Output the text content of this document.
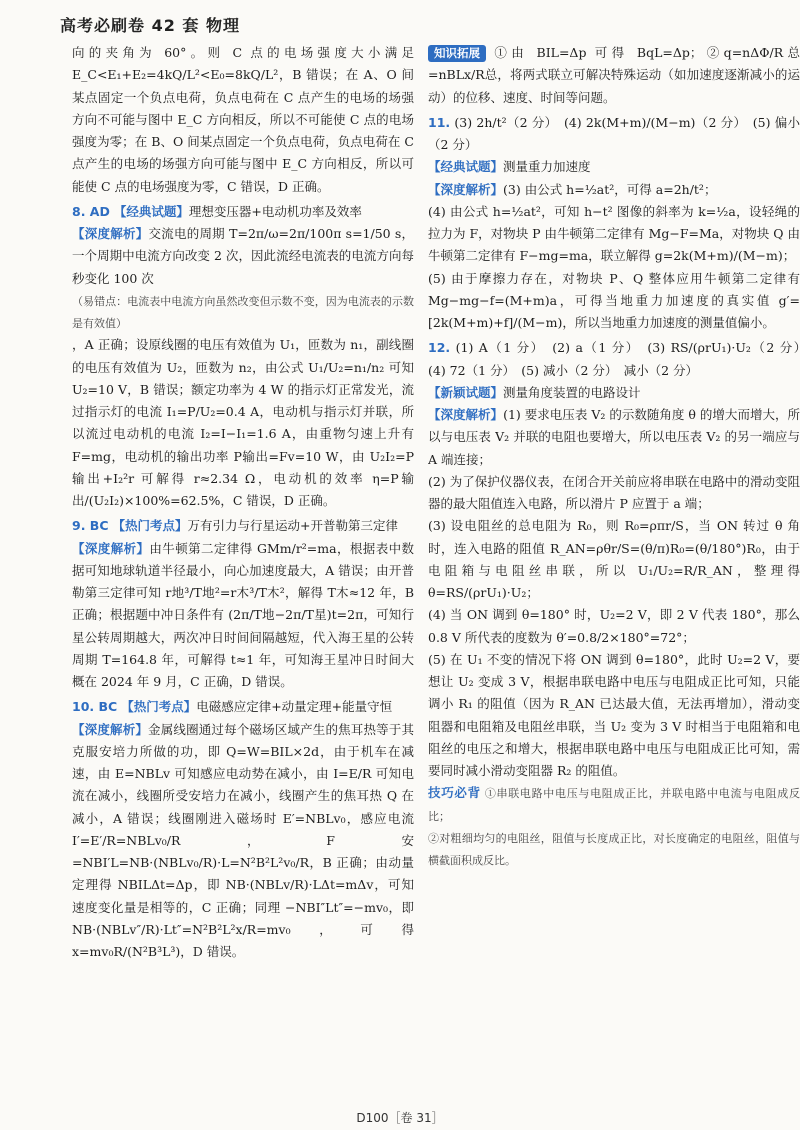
高考必刷卷 42 套 物理

向的夹角为 60°。则 C 点的电场强度大小满足 E_C<E₁+E₂=4kQ/L²<E₀=8kQ/L²，B 错误；在 A、O 间某点固定一个负点电荷，负点电荷在 C 点产生的电场的场强方向不可能与图中 E_C 方向相反，所以不可能使 C 点的电场强度为零；在 B、O 间某点固定一个负点电荷，负点电荷在 C 点产生的电场的场强方向可能与图中 E_C 方向相反，所以可能使 C 点的电场强度为零，C 错误，D 正确。

8. AD 【经典试题】理想变压器+电动机功率及效率

【深度解析】交流电的周期 T=2π/ω=2π/100π s=1/50 s，一个周期中电流方向改变 2 次，因此流经电流表的电流方向每秒变化 100 次

（易错点：电流表中电流方向虽然改变但示数不变，因为电流表的示数是有效值）

，A 正确；设原线圈的电压有效值为 U₁，匝数为 n₁，副线圈的电压有效值为 U₂，匝数为 n₂，由公式 U₁/U₂=n₁/n₂ 可知 U₂=10 V，B 错误；额定功率为 4 W 的指示灯正常发光，流过指示灯的电流 I₁=P/U₂=0.4 A，电动机与指示灯并联，所以流过电动机的电流 I₂=I−I₁=1.6 A，由重物匀速上升有 F=mg，电动机的输出功率 P输出=Fv=10 W，由 U₂I₂=P输出+I₂²r 可解得 r≈2.34 Ω，电动机的效率 η=P输出/(U₂I₂)×100%=62.5%，C 错误，D 正确。

9. BC 【热门考点】万有引力与行星运动+开普勒第三定律

【深度解析】由牛顿第二定律得 GMm/r²=ma，根据表中数据可知地球轨道半径最小，向心加速度最大，A 错误；由开普勒第三定律可知 r地³/T地²=r木³/T木²，解得 T木≈12 年，B 正确；根据题中冲日条件有 (2π/T地−2π/T星)t=2π，可知行星公转周期越大，两次冲日时间间隔越短，代入海王星的公转周期 T=164.8 年，可解得 t≈1 年，可知海王星冲日时间大概在 2024 年 9 月，C 正确，D 错误。

10. BC 【热门考点】电磁感应定律+动量定理+能量守恒

【深度解析】金属线圈通过每个磁场区域产生的焦耳热等于其克服安培力所做的功，即 Q=W=BIL×2d，由于机车在减速，由 E=NBLv 可知感应电动势在减小，由 I=E/R 可知电流在减小，线圈所受安培力在减小，线圈产生的焦耳热 Q 在减小，A 错误；线圈刚进入磁场时 E′=NBLv₀，感应电流 I′=E′/R=NBLv₀/R，F安=NBI′L=NB·(NBLv₀/R)·L=N²B²L²v₀/R，B 正确；由动量定理得 NBILΔt=Δp，即 NB·(NBLv/R)·LΔt=mΔv，可知速度变化量是相等的，C 正确；同理 −NBI″Lt″=−mv₀，即 NB·(NBLv″/R)·Lt″=N²B²L²x/R=mv₀，可得 x=mv₀R/(N²B³L³)，D 错误。

知识拓展 ①由 BIL=Δp 可得 BqL=Δp；②q=nΔΦ/R总=nBLx/R总，将两式联立可解决特殊运动（如加速度逐渐减小的运动）的位移、速度、时间等问题。

11. (3) 2h/t²（2 分）　(4) 2k(M+m)/(M−m)（2 分）　(5) 偏小（2 分）

【经典试题】测量重力加速度

【深度解析】(3) 由公式 h=½at²，可得 a=2h/t²；

(4) 由公式 h=½at²，可知 h−t² 图像的斜率为 k=½a，设轻绳的拉力为 F，对物块 P 由牛顿第二定律有 Mg−F=Ma，对物块 Q 由牛顿第二定律有 F−mg=ma，联立解得 g=2k(M+m)/(M−m)；

(5) 由于摩擦力存在，对物块 P、Q 整体应用牛顿第二定律有 Mg−mg−f=(M+m)a，可得当地重力加速度的真实值 g′=[2k(M+m)+f]/(M−m)，所以当地重力加速度的测量值偏小。

12. (1) A（1 分）　(2) a（1 分）　(3) RS/(ρrU₁)·U₂（2 分）　(4) 72（1 分）　(5) 减小（2 分）　减小（2 分）

【新颖试题】测量角度装置的电路设计

【深度解析】(1) 要求电压表 V₂ 的示数随角度 θ 的增大而增大，所以与电压表 V₂ 并联的电阻也要增大，所以电压表 V₂ 的另一端应与 A 端连接；

(2) 为了保护仪器仪表，在闭合开关前应将串联在电路中的滑动变阻器的最大阻值连入电路，所以滑片 P 应置于 a 端；

(3) 设电阻丝的总电阻为 R₀，则 R₀=ρπr/S，当 ON 转过 θ 角时，连入电路的阻值 R_AN=ρθr/S=(θ/π)R₀=(θ/180°)R₀，由于电阻箱与电阻丝串联，所以 U₁/U₂=R/R_AN，整理得 θ=RS/(ρrU₁)·U₂；

(4) 当 ON 调到 θ=180° 时，U₂=2 V，即 2 V 代表 180°，那么 0.8 V 所代表的度数为 θ′=0.8/2×180°=72°；

(5) 在 U₁ 不变的情况下将 ON 调到 θ=180°，此时 U₂=2 V，要想让 U₂ 变成 3 V，根据串联电路中电压与电阻成正比可知，只能调小 R₁ 的阻值（因为 R_AN 已达最大值，无法再增加），滑动变阻器和电阻箱及电阻丝串联，当 U₂ 变为 3 V 时相当于电阻箱和电阻丝的电压之和增大，根据串联电路中电压与电阻成正比可知，需要同时减小滑动变阻器 R₂ 的阻值。

技巧必背 ①串联电路中电压与电阻成正比，并联电路中电流与电阻成反比；

②对粗细均匀的电阻丝，阻值与长度成正比，对长度确定的电阻丝，阻值与横截面积成反比。

D100［卷 31］
